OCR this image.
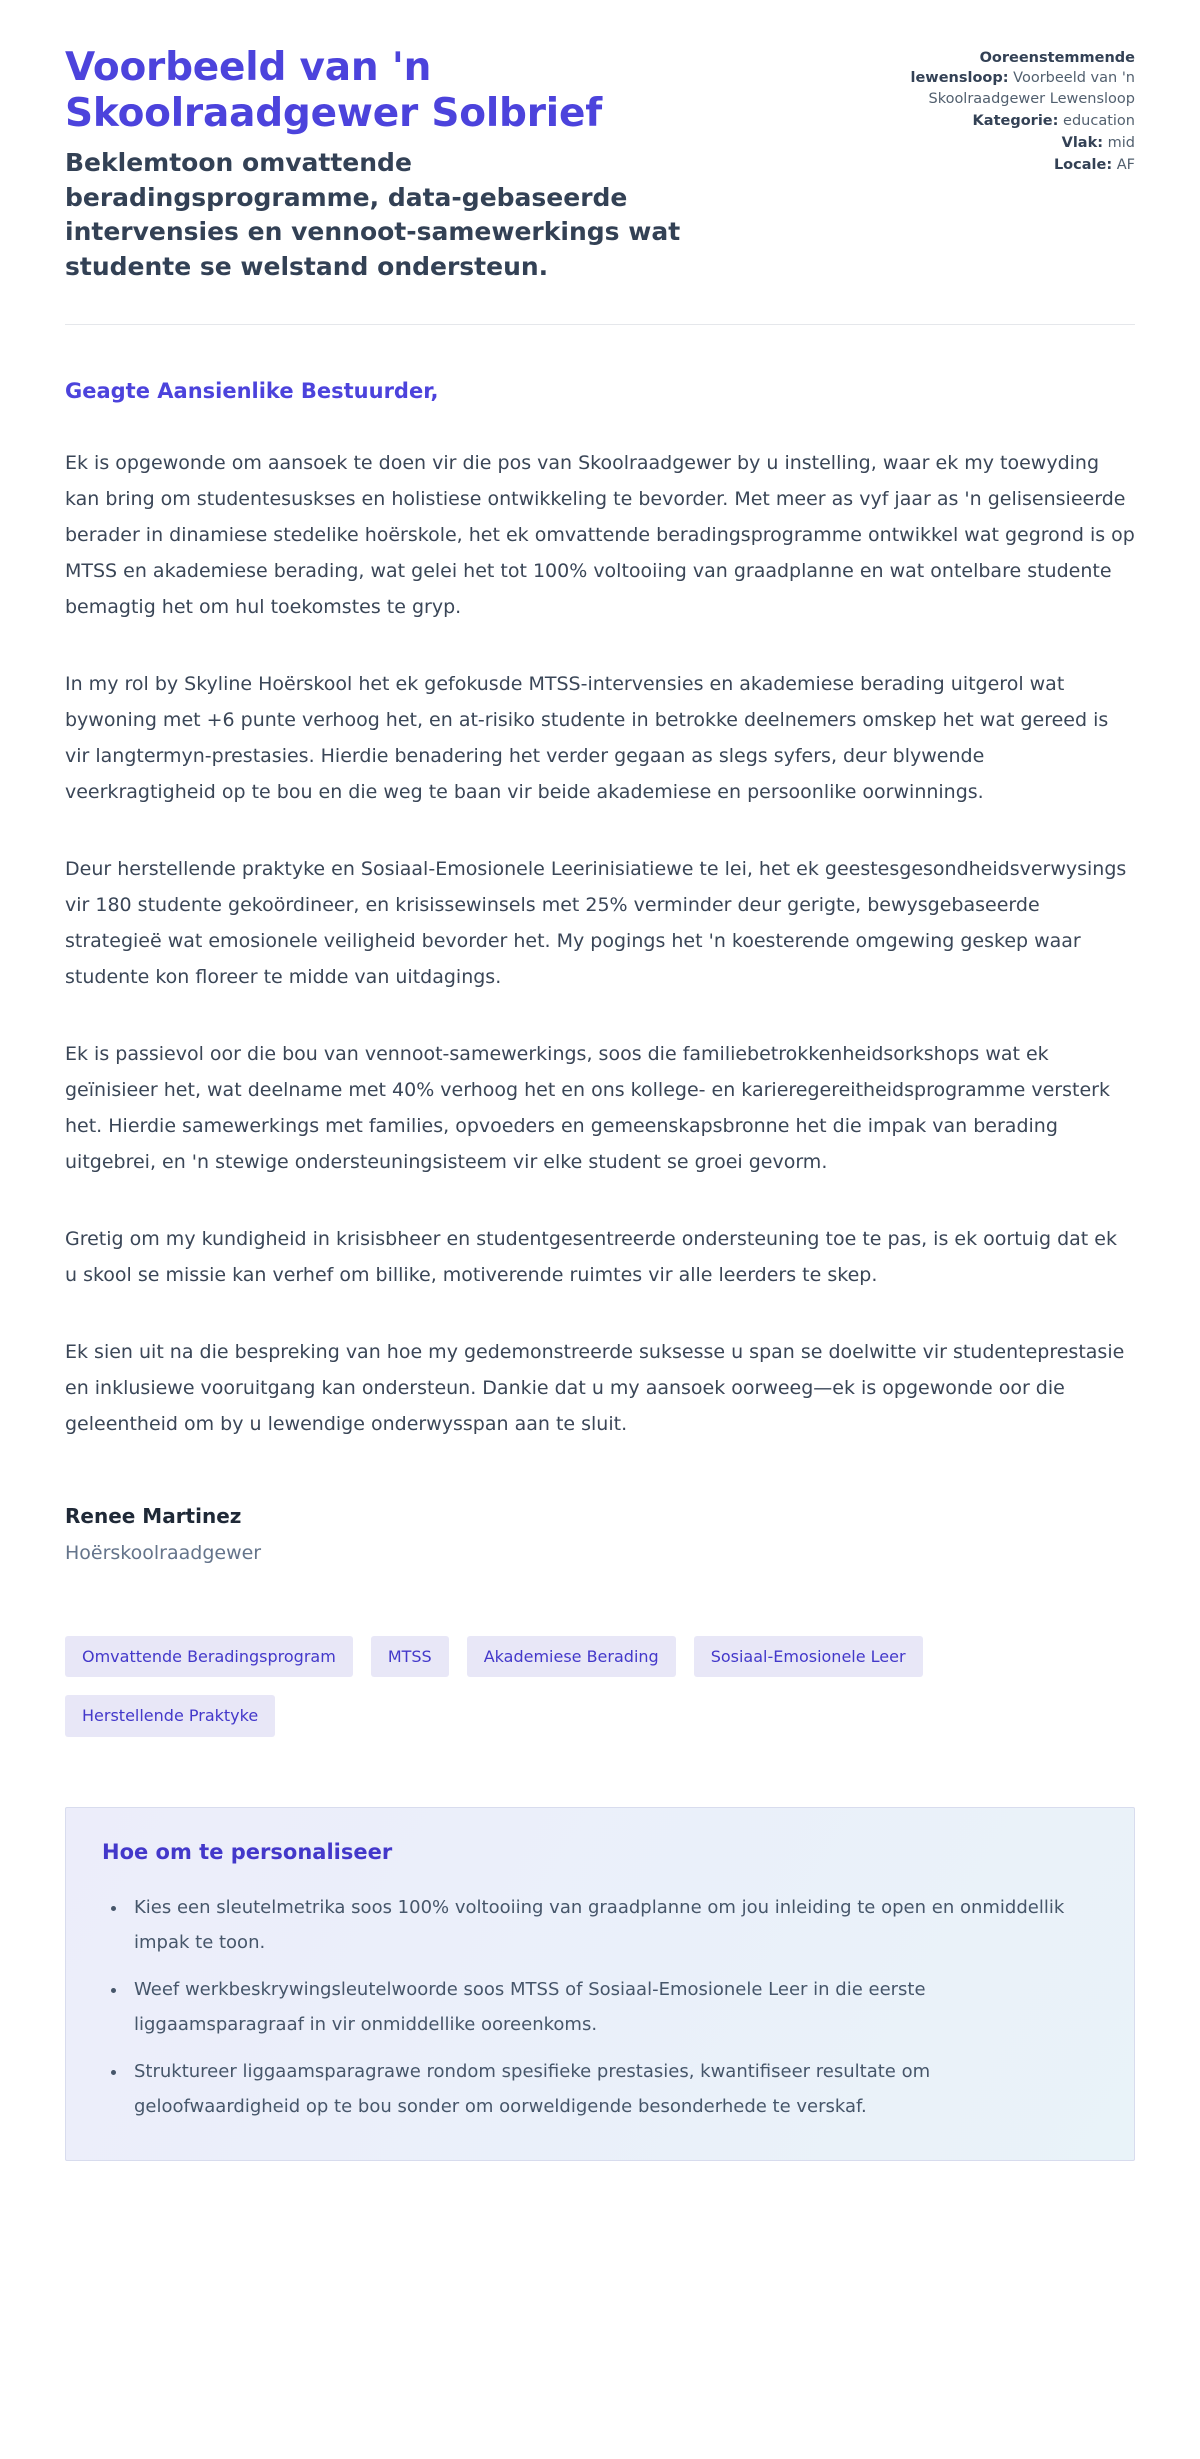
Voorbeeld van 'n Skoolraadgewer Solbrief
Beklemtoon omvattende beradingsprogramme, data-gebaseerde intervensies en vennoot-samewerkings wat studente se welstand ondersteun.
Ooreenstemmende lewensloop: Voorbeeld van 'n Skoolraadgewer Lewensloop
Kategorie: education
Vlak: mid
Locale: AF
Geagte Aansienlike Bestuurder,

Ek is opgewonde om aansoek te doen vir die pos van Skoolraadgewer by u instelling, waar ek my toewyding kan bring om studentesuskses en holistiese ontwikkeling te bevorder. Met meer as vyf jaar as 'n gelisensieerde berader in dinamiese stedelike hoërskole, het ek omvattende beradingsprogramme ontwikkel wat gegrond is op MTSS en akademiese berading, wat gelei het tot 100% voltooiing van graadplanne en wat ontelbare studente bemagtig het om hul toekomstes te gryp.

In my rol by Skyline Hoërskool het ek gefokusde MTSS-intervensies en akademiese berading uitgerol wat bywoning met +6 punte verhoog het, en at-risiko studente in betrokke deelnemers omskep het wat gereed is vir langtermyn-prestasies. Hierdie benadering het verder gegaan as slegs syfers, deur blywende veerkragtigheid op te bou en die weg te baan vir beide akademiese en persoonlike oorwinnings.

Deur herstellende praktyke en Sosiaal-Emosionele Leerinisiatiewe te lei, het ek geestesgesondheidsverwysings vir 180 studente gekoördineer, en krisissewinsels met 25% verminder deur gerigte, bewysgebaseerde strategieë wat emosionele veiligheid bevorder het. My pogings het 'n koesterende omgewing geskep waar studente kon floreer te midde van uitdagings.

Ek is passievol oor die bou van vennoot-samewerkings, soos die familiebetrokkenheidsorkshops wat ek geïnisieer het, wat deelname met 40% verhoog het en ons kollege- en karieregereitheidsprogramme versterk het. Hierdie samewerkings met families, opvoeders en gemeenskapsbronne het die impak van berading uitgebrei, en 'n stewige ondersteuningsisteem vir elke student se groei gevorm.

Gretig om my kundigheid in krisisbheer en studentgesentreerde ondersteuning toe te pas, is ek oortuig dat ek u skool se missie kan verhef om billike, motiverende ruimtes vir alle leerders te skep.

Ek sien uit na die bespreking van hoe my gedemonstreerde suksesse u span se doelwitte vir studenteprestasie en inklusiewe vooruitgang kan ondersteun. Dankie dat u my aansoek oorweeg—ek is opgewonde oor die geleentheid om by u lewendige onderwysspan aan te sluit.

Renee Martinez
Hoërskoolraadgewer
Omvattende Beradingsprogram	MTSS	Akademiese Berading	Sosiaal-Emosionele Leer
Herstellende Praktyke
Hoe om te personaliseer
• Kies een sleutelmetrika soos 100% voltooiing van graadplanne om jou inleiding te open en onmiddellik impak te toon.
• Weef werkbeskrywingsleutelwoorde soos MTSS of Sosiaal-Emosionele Leer in die eerste liggaamsparagraaf in vir onmiddellike ooreenkoms.
• Struktureer liggaamsparagrawe rondom spesifieke prestasies, kwantifiseer resultate om geloofwaardigheid op te bou sonder om oorweldigende besonderhede te verskaf.
